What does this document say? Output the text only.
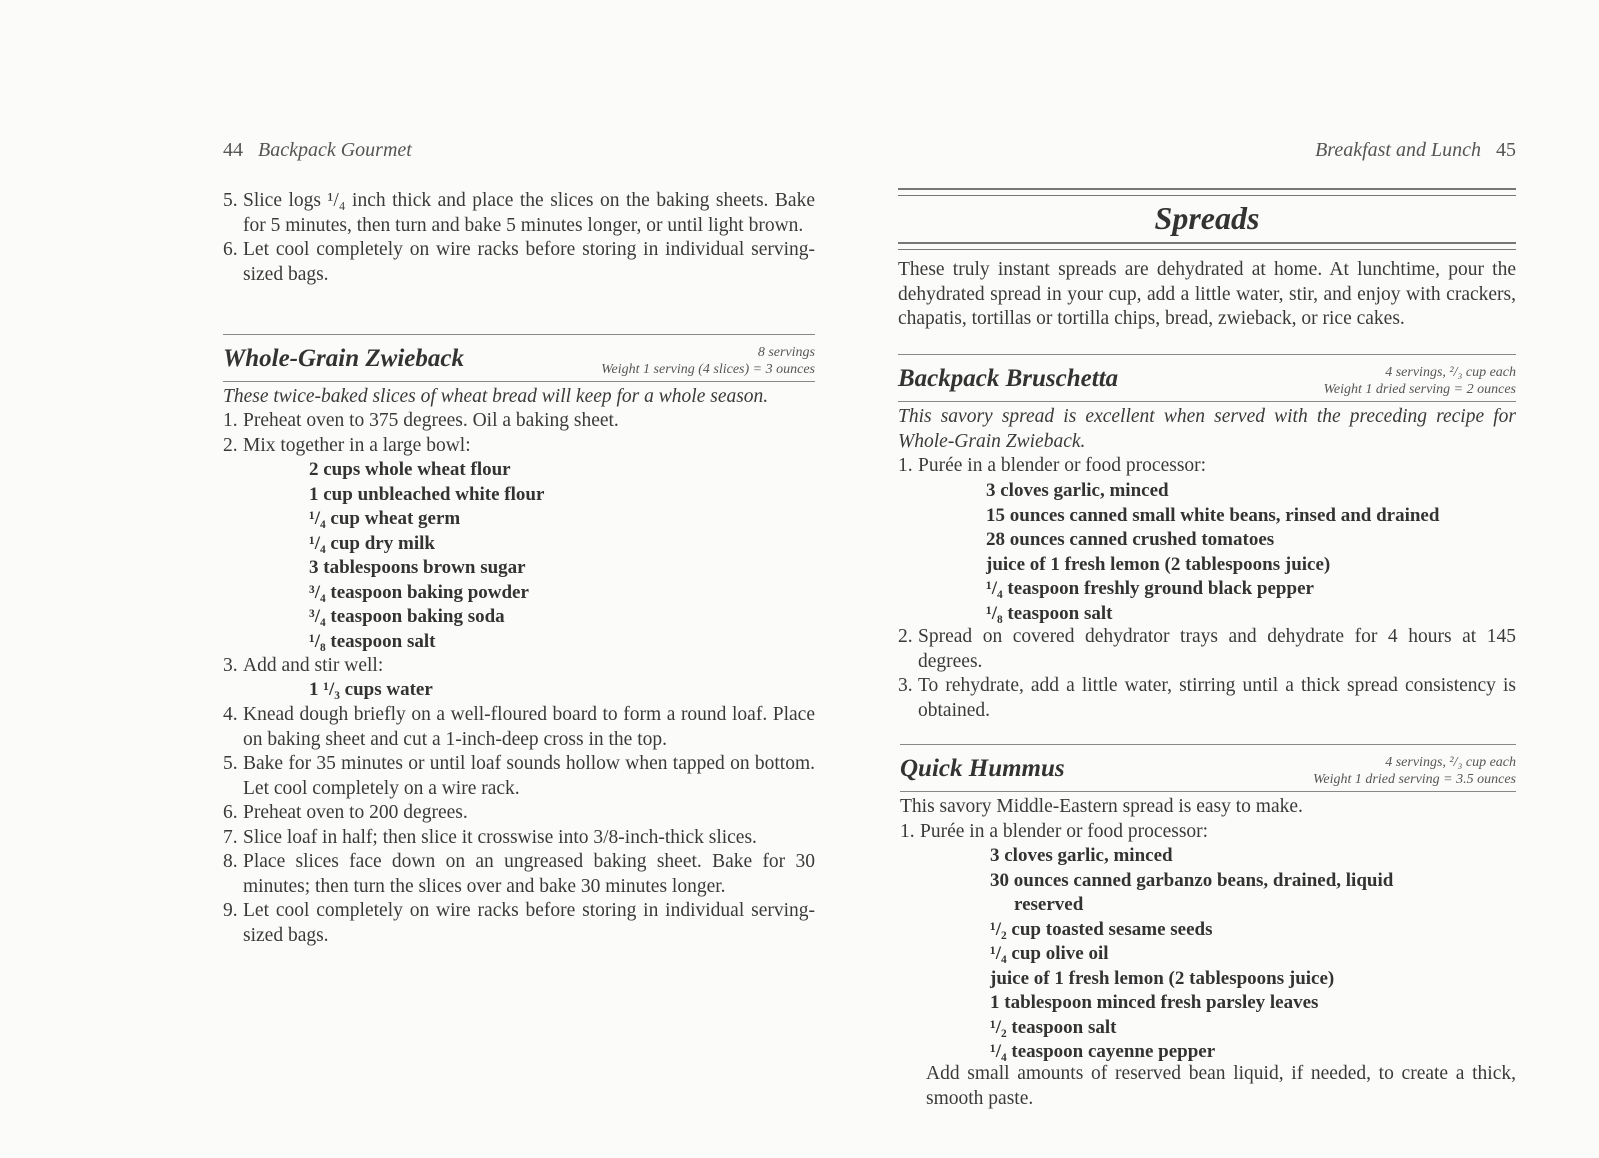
44 Backpack Gourmet
5. Slice logs ¹/₄ inch thick and place the slices on the baking sheets. Bake for 5 minutes, then turn and bake 5 minutes longer, or until light brown.
6. Let cool completely on wire racks before storing in individual serving-sized bags.
Whole-Grain Zwieback	8 servings
Weight 1 serving (4 slices) = 3 ounces
These twice-baked slices of wheat bread will keep for a whole season.
1. Preheat oven to 375 degrees. Oil a baking sheet.
2. Mix together in a large bowl:
2 cups whole wheat flour
1 cup unbleached white flour
¹/₄ cup wheat germ
¹/₄ cup dry milk
3 tablespoons brown sugar
³/₄ teaspoon baking powder
³/₄ teaspoon baking soda
¹/₈ teaspoon salt
3. Add and stir well:
1 ¹/₃ cups water
4. Knead dough briefly on a well-floured board to form a round loaf. Place on baking sheet and cut a 1-inch-deep cross in the top.
5. Bake for 35 minutes or until loaf sounds hollow when tapped on bottom. Let cool completely on a wire rack.
6. Preheat oven to 200 degrees.
7. Slice loaf in half; then slice it crosswise into 3/8-inch-thick slices.
8. Place slices face down on an ungreased baking sheet. Bake for 30 minutes; then turn the slices over and bake 30 minutes longer.
9. Let cool completely on wire racks before storing in individual serving-sized bags.
Breakfast and Lunch 45
Spreads
These truly instant spreads are dehydrated at home. At lunchtime, pour the dehydrated spread in your cup, add a little water, stir, and enjoy with crackers, chapatis, tortillas or tortilla chips, bread, zwieback, or rice cakes.
Backpack Bruschetta	4 servings, ²/₃ cup each
Weight 1 dried serving = 2 ounces
This savory spread is excellent when served with the preceding recipe for Whole-Grain Zwieback.
1. Purée in a blender or food processor:
3 cloves garlic, minced
15 ounces canned small white beans, rinsed and drained
28 ounces canned crushed tomatoes
juice of 1 fresh lemon (2 tablespoons juice)
¹/₄ teaspoon freshly ground black pepper
¹/₈ teaspoon salt
2. Spread on covered dehydrator trays and dehydrate for 4 hours at 145 degrees.
3. To rehydrate, add a little water, stirring until a thick spread consistency is obtained.
Quick Hummus	4 servings, ²/₃ cup each
Weight 1 dried serving = 3.5 ounces
This savory Middle-Eastern spread is easy to make.
1. Purée in a blender or food processor:
3 cloves garlic, minced
30 ounces canned garbanzo beans, drained, liquid reserved
¹/₂ cup toasted sesame seeds
¹/₄ cup olive oil
juice of 1 fresh lemon (2 tablespoons juice)
1 tablespoon minced fresh parsley leaves
¹/₂ teaspoon salt
¹/₄ teaspoon cayenne pepper
Add small amounts of reserved bean liquid, if needed, to create a thick, smooth paste.
